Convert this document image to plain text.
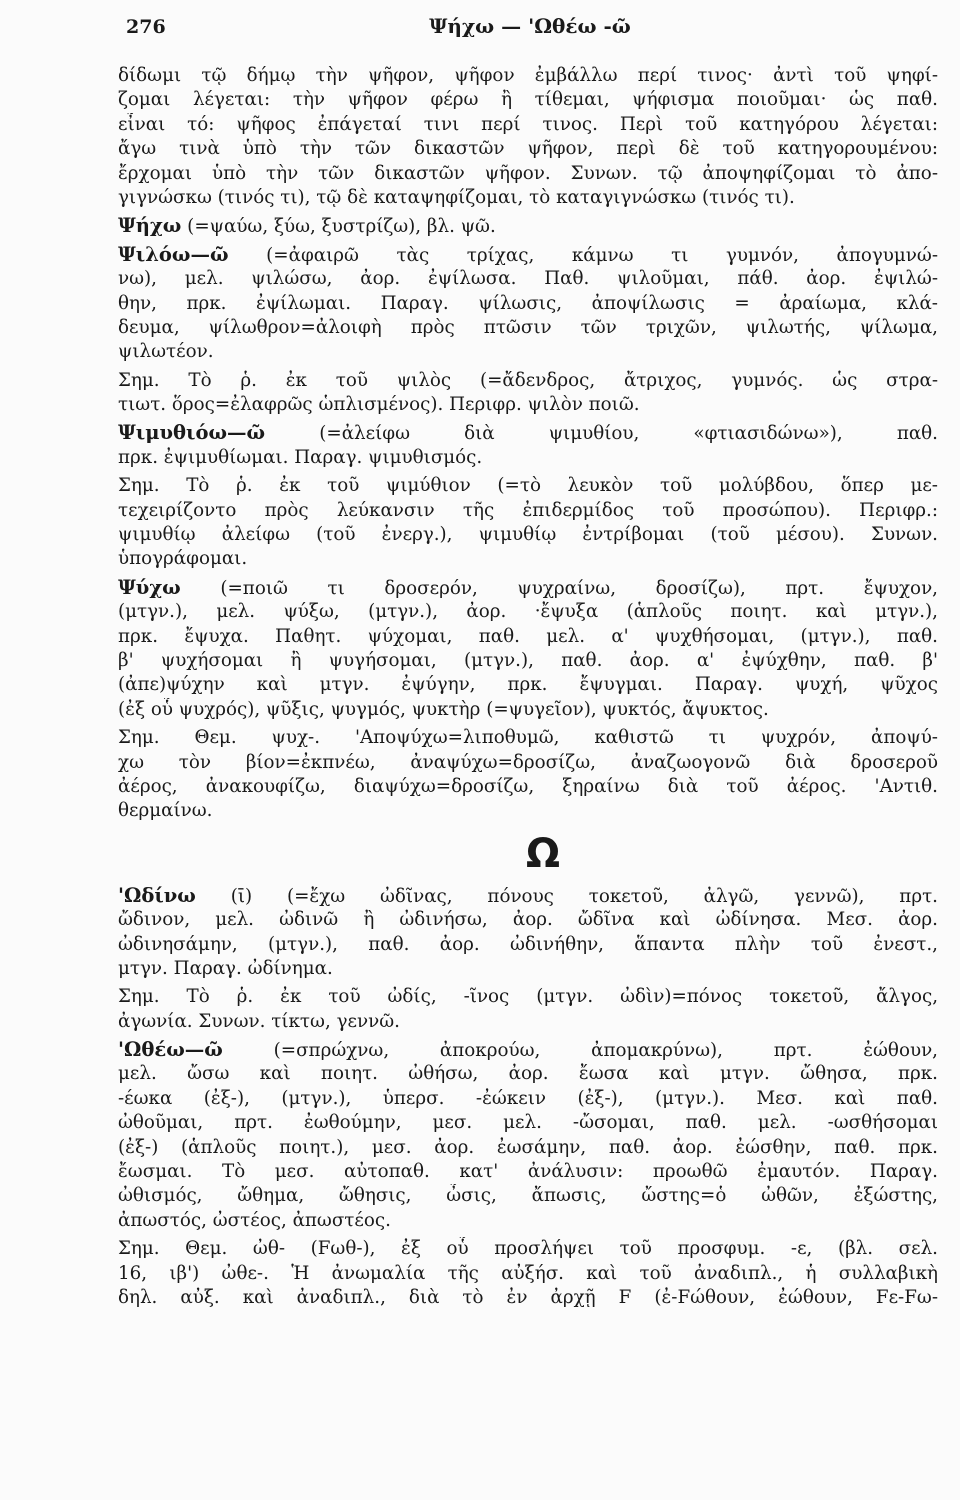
276	Ψήχω — 'Ωθέω -ῶ
δίδωμι τῷ δήμῳ τὴν ψῆφον, ψῆφον ἐμβάλλω περί τινος· ἀντὶ τοῦ ψηφί-
ζομαι λέγεται: τὴν ψῆφον φέρω ἢ τίθεμαι, ψήφισμα ποιοῦμαι· ὡς παθ.
εἶναι τό: ψῆφος ἐπάγεταί τινι περί τινος. Περὶ τοῦ κατηγόρου λέγεται:
ἄγω τινὰ ὑπὸ τὴν τῶν δικαστῶν ψῆφον, περὶ δὲ τοῦ κατηγορουμένου:
ἔρχομαι ὑπὸ τὴν τῶν δικαστῶν ψῆφον. Συνων. τῷ ἀποψηφίζομαι τὸ ἀπο-
γιγνώσκω (τινός τι), τῷ δὲ καταψηφίζομαι, τὸ καταγιγνώσκω (τινός τι).
Ψήχω (=ψαύω, ξύω, ξυστρίζω), βλ. ψῶ.
Ψιλόω—ῶ (=ἀφαιρῶ τὰς τρίχας, κάμνω τι γυμνόν, ἀπογυμνώ-
νω), μελ. ψιλώσω, ἀορ. ἐψίλωσα. Παθ. ψιλοῦμαι, πάθ. ἀορ. ἐψιλώ-
θην, πρκ. ἐψίλωμαι. Παραγ. ψίλωσις, ἀποψίλωσις = ἀραίωμα, κλά-
δευμα, ψίλωθρον=ἀλοιφὴ πρὸς πτῶσιν τῶν τριχῶν, ψιλωτής, ψίλωμα,
ψιλωτέον.
Σημ. Τὸ ῥ. ἐκ τοῦ ψιλὸς (=ἄδενδρος, ἄτριχος, γυμνός. ὡς στρα-
τιωτ. ὅρος=ἐλαφρῶς ὡπλισμένος). Περιφρ. ψιλὸν ποιῶ.
Ψιμυθιόω—ῶ (=ἀλείφω διὰ ψιμυθίου, «φτιασιδώνω»), παθ.
πρκ. ἐψιμυθίωμαι. Παραγ. ψιμυθισμός.
Σημ. Τὸ ῥ. ἐκ τοῦ ψιμύθιον (=τὸ λευκὸν τοῦ μολύβδου, ὅπερ με-
τεχειρίζοντο πρὸς λεύκανσιν τῆς ἐπιδερμίδος τοῦ προσώπου). Περιφρ.:
ψιμυθίῳ ἀλείφω (τοῦ ἐνεργ.), ψιμυθίῳ ἐντρίβομαι (τοῦ μέσου). Συνων.
ὑπογράφομαι.
Ψύχω (=ποιῶ τι δροσερόν, ψυχραίνω, δροσίζω), πρτ. ἔψυχον,
(μτγν.), μελ. ψύξω, (μτγν.), ἀορ. ·ἔψυξα (ἁπλοῦς ποιητ. καὶ μτγν.),
πρκ. ἔψυχα. Παθητ. ψύχομαι, παθ. μελ. α' ψυχθήσομαι, (μτγν.), παθ.
β' ψυχήσομαι ἢ ψυγήσομαι, (μτγν.), παθ. ἀορ. α' ἐψύχθην, παθ. β'
(ἀπε)ψύχην καὶ μτγν. ἐψύγην, πρκ. ἔψυγμαι. Παραγ. ψυχή, ψῦχος
(ἐξ οὗ ψυχρός), ψῦξις, ψυγμός, ψυκτὴρ (=ψυγεῖον), ψυκτός, ἄψυκτος.
Σημ. Θεμ. ψυχ-. 'Αποψύχω=λιποθυμῶ, καθιστῶ τι ψυχρόν, ἀποψύ-
χω τὸν βίον=ἐκπνέω, ἀναψύχω=δροσίζω, ἀναζωογονῶ διὰ δροσεροῦ
ἀέρος, ἀνακουφίζω, διαψύχω=δροσίζω, ξηραίνω διὰ τοῦ ἀέρος. 'Αντιθ.
θερμαίνω.
Ω
'Ωδίνω (ῑ) (=ἔχω ὠδῖνας, πόνους τοκετοῦ, ἀλγῶ, γεννῶ), πρτ.
ὤδινον, μελ. ὠδινῶ ἢ ὠδινήσω, ἀορ. ὤδῖνα καὶ ὠδίνησα. Μεσ. ἀορ.
ὠδινησάμην, (μτγν.), παθ. ἀορ. ὠδινήθην, ἅπαντα πλὴν τοῦ ἐνεστ.,
μτγν. Παραγ. ὠδίνημα.
Σημ. Τὸ ῥ. ἐκ τοῦ ὠδίς, -ῖνος (μτγν. ὠδὶν)=πόνος τοκετοῦ, ἄλγος,
ἀγωνία. Συνων. τίκτω, γεννῶ.
'Ωθέω—ῶ (=σπρώχνω, ἀποκρούω, ἀπομακρύνω), πρτ. ἐώθουν,
μελ. ὤσω καὶ ποιητ. ὠθήσω, ἀορ. ἔωσα καὶ μτγν. ὤθησα, πρκ.
-έωκα (ἐξ-), (μτγν.), ὑπερσ. -ἐώκειν (ἐξ-), (μτγν.). Μεσ. καὶ παθ.
ὠθοῦμαι, πρτ. ἐωθούμην, μεσ. μελ. -ὤσομαι, παθ. μελ. -ωσθήσομαι
(ἐξ-) (ἁπλοῦς ποιητ.), μεσ. ἀορ. ἐωσάμην, παθ. ἀορ. ἐώσθην, παθ. πρκ.
ἔωσμαι. Τὸ μεσ. αὐτοπαθ. κατ' ἀνάλυσιν: προωθῶ ἐμαυτόν. Παραγ.
ὠθισμός, ὤθημα, ὤθησις, ὦσις, ἄπωσις, ὤστης=ὁ ὠθῶν, ἐξώστης,
ἀπωστός, ὠστέος, ἀπωστέος.
Σημ. Θεμ. ὠθ- (Fωθ-), ἐξ οὗ προσλήψει τοῦ προσφυμ. -ε, (βλ. σελ.
16, ιβ') ὠθε-. Ἡ ἀνωμαλία τῆς αὐξήσ. καὶ τοῦ ἀναδιπλ., ἡ συλλαβικὴ
δηλ. αὐξ. καὶ ἀναδιπλ., διὰ τὸ ἐν ἀρχῇ F (ἐ-Fώθουν, ἐώθουν, Fε-Fω-
